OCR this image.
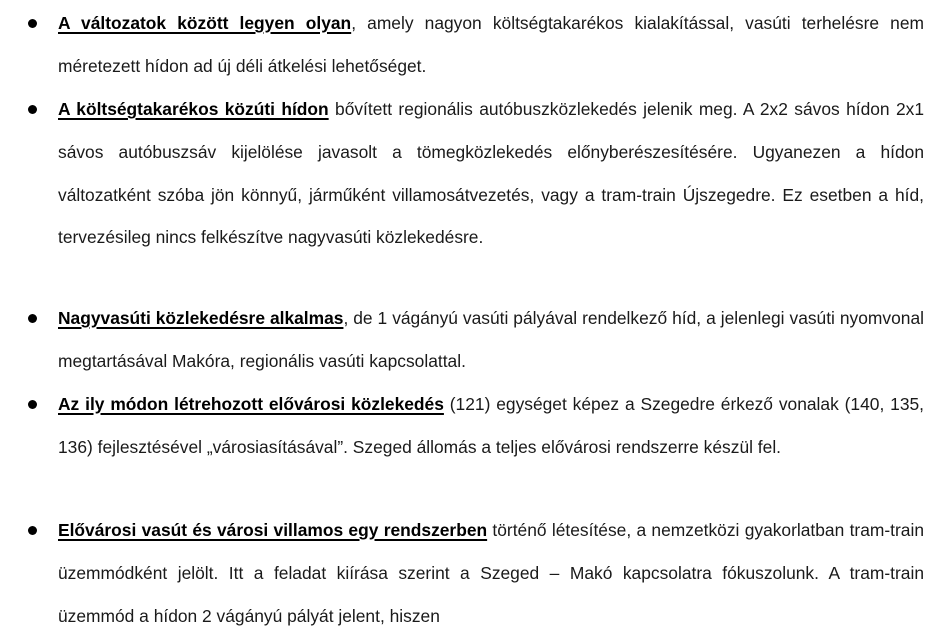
A változatok között legyen olyan, amely nagyon költségtakarékos kialakítással, vasúti terhelésre nem méretezett hídon ad új déli átkelési lehetőséget.
A költségtakarékos közúti hídon bővített regionális autóbuszközlekedés jelenik meg. A 2x2 sávos hídon 2x1 sávos autóbuszsáv kijelölése javasolt a tömegközlekedés előnyberészesítésére. Ugyanezen a hídon változatként szóba jön könnyű, járműként villamosátvezetés, vagy a tram-train Újszegedre. Ez esetben a híd, tervezésileg nincs felkészítve nagyvasúti közlekedésre.
Nagyvasúti közlekedésre alkalmas, de 1 vágányú vasúti pályával rendelkező híd, a jelenlegi vasúti nyomvonal megtartásával Makóra, regionális vasúti kapcsolattal.
Az ily módon létrehozott elővárosi közlekedés (121) egységet képez a Szegedre érkező vonalak (140, 135, 136) fejlesztésével „városiasításával”. Szeged állomás a teljes elővárosi rendszerre készül fel.
Elővárosi vasút és városi villamos egy rendszerben történő létesítése, a nemzetközi gyakorlatban tram-train üzemmódként jelölt. Itt a feladat kiírása szerint a Szeged – Makó kapcsolatra fókuszolunk. A tram-train üzemmód a hídon 2 vágányú pályát jelent, hiszen
